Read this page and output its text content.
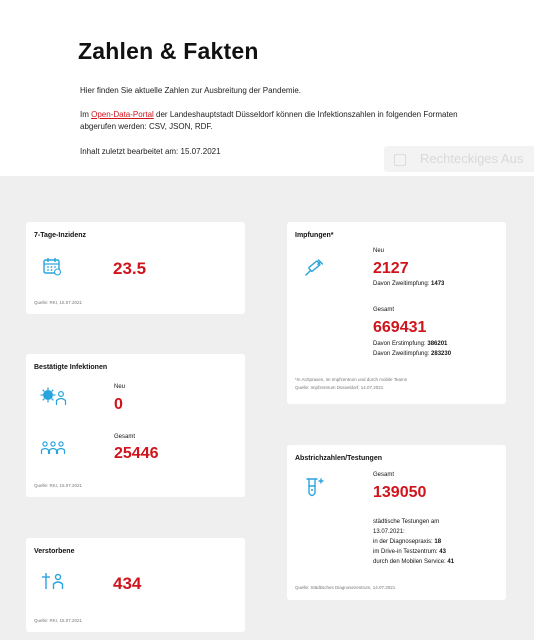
Zahlen & Fakten
Hier finden Sie aktuelle Zahlen zur Ausbreitung der Pandemie.
Im Open-Data-Portal der Landeshauptstadt Düsseldorf können die Infektionszahlen in folgenden Formaten abgerufen werden: CSV, JSON, RDF.
Inhalt zuletzt bearbeitet am: 15.07.2021	Rechteckiges Aus
7-Tage-Inzidenz
23.5
Quelle: RKI, 15.07.2021
Bestätigte Infektionen
Neu
0
Gesamt
25446
Quelle: RKI, 15.07.2021
Verstorbene
434
Quelle: RKI, 15.07.2021
Impfungen*
Neu
2127
Davon Zweitimpfung: 1473
Gesamt
669431
Davon Erstimpfung: 386201
Davon Zweitimpfung: 283230
*In Arztpraxen, im Impfzentrum und durch mobile Teams
Quelle: Impfzentrum Düsseldorf, 14.07.2021
Abstrichzahlen/Testungen
Gesamt
139050
städtische Testungen am
13.07.2021:
in der Diagnosepraxis: 18
im Drive-in Testzentrum: 43
durch den Mobilen Service: 41
Quelle: Städtisches Diagnosezentrum, 14.07.2021
